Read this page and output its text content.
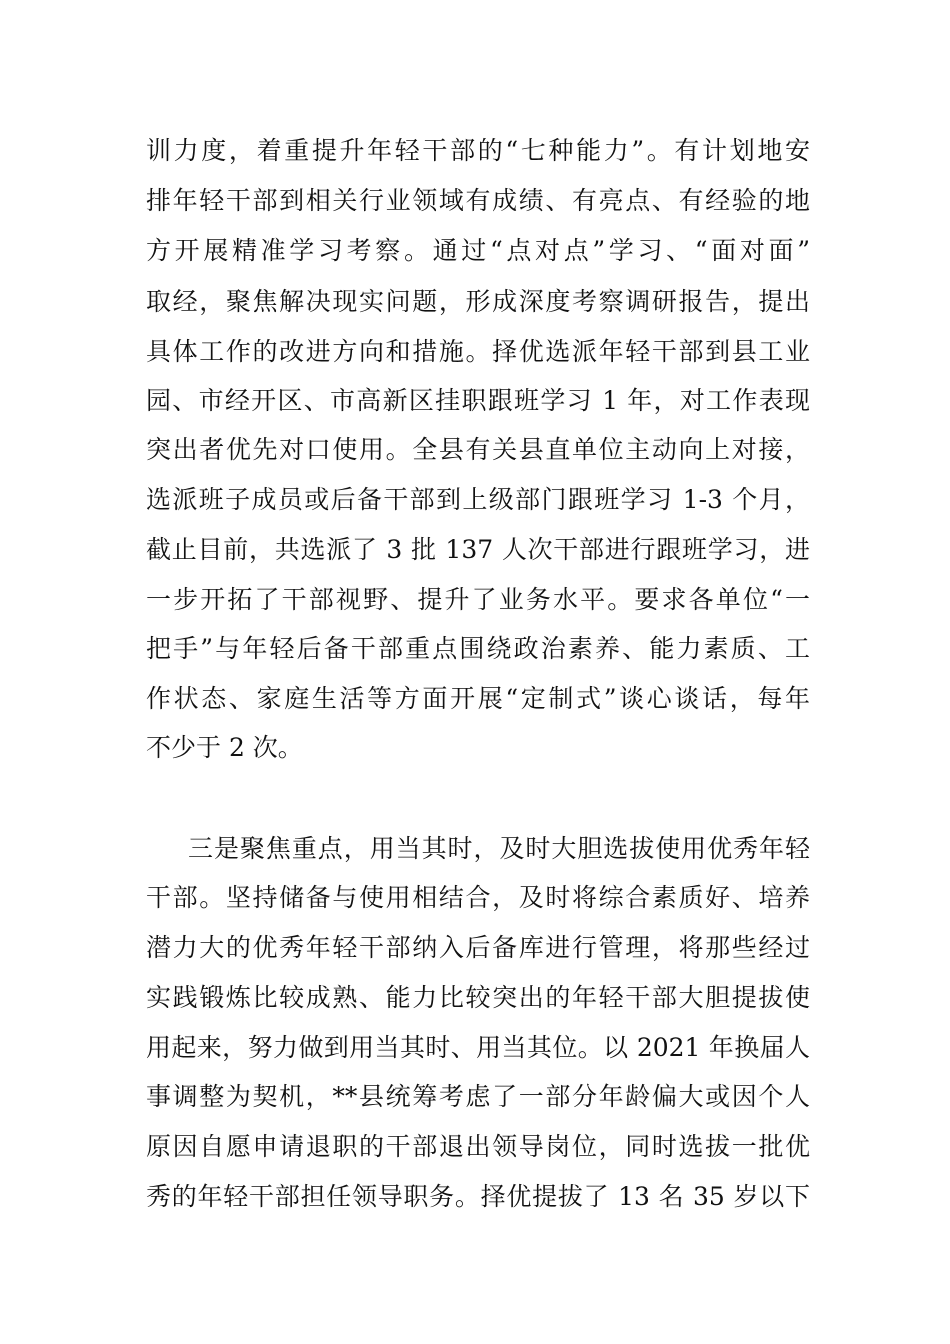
训力度，着重提升年轻干部的“七种能力”。有计划地安
排年轻干部到相关行业领域有成绩、有亮点、有经验的地
方开展精准学习考察。通过“点对点”学习、“面对面”
取经，聚焦解决现实问题，形成深度考察调研报告，提出
具体工作的改进方向和措施。择优选派年轻干部到县工业
园、市经开区、市高新区挂职跟班学习 1 年，对工作表现
突出者优先对口使用。全县有关县直单位主动向上对接，
选派班子成员或后备干部到上级部门跟班学习 1-3 个月，
截止目前，共选派了 3 批 137 人次干部进行跟班学习，进
一步开拓了干部视野、提升了业务水平。要求各单位“一
把手”与年轻后备干部重点围绕政治素养、能力素质、工
作状态、家庭生活等方面开展“定制式”谈心谈话，每年
不少于 2 次。
三是聚焦重点，用当其时，及时大胆选拔使用优秀年轻
干部。坚持储备与使用相结合，及时将综合素质好、培养
潜力大的优秀年轻干部纳入后备库进行管理，将那些经过
实践锻炼比较成熟、能力比较突出的年轻干部大胆提拔使
用起来，努力做到用当其时、用当其位。以 2021 年换届人
事调整为契机，**县统筹考虑了一部分年龄偏大或因个人
原因自愿申请退职的干部退出领导岗位，同时选拔一批优
秀的年轻干部担任领导职务。择优提拔了 13 名 35 岁以下
